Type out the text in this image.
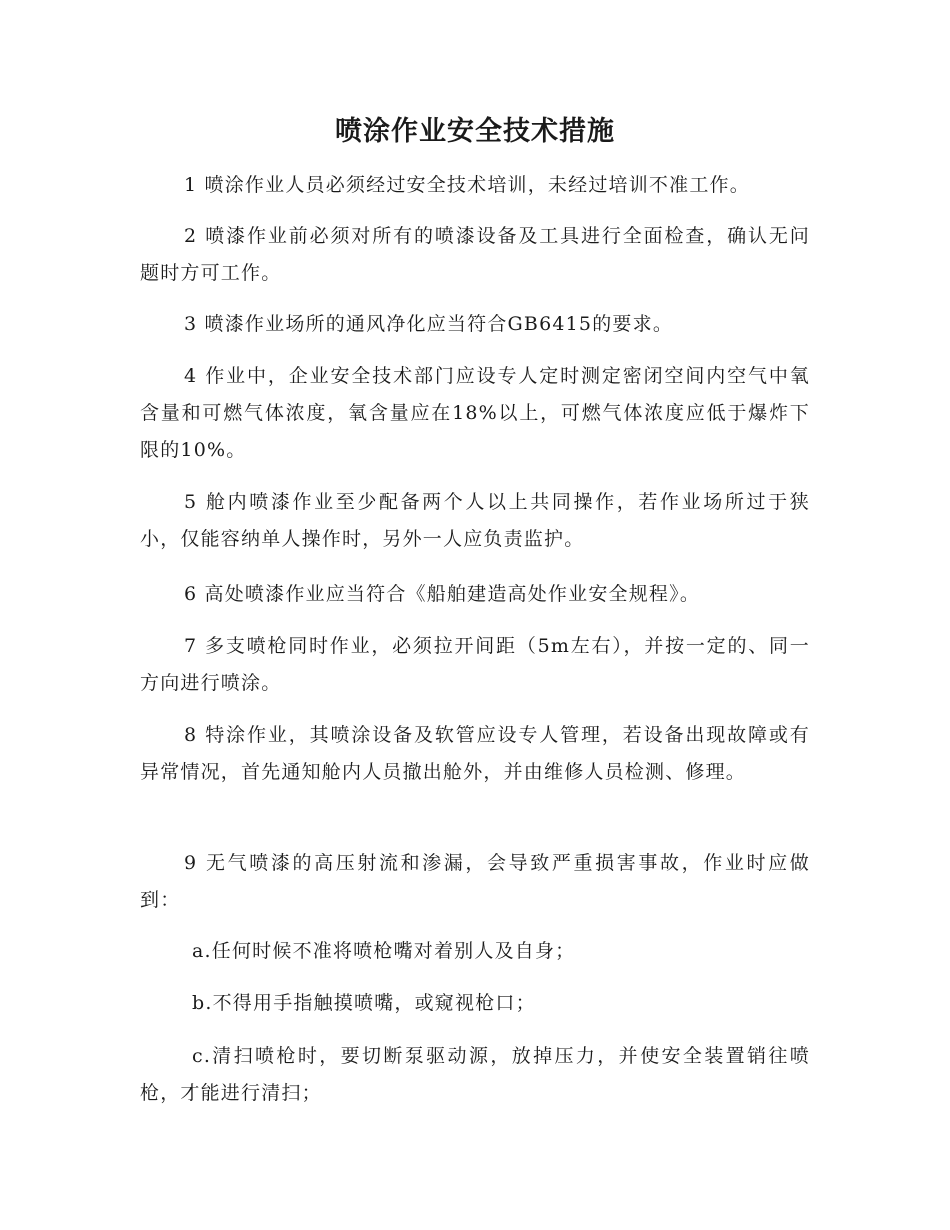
喷涂作业安全技术措施

1 喷涂作业人员必须经过安全技术培训，未经过培训不准工作。

2 喷漆作业前必须对所有的喷漆设备及工具进行全面检查，确认无问题时方可工作。

3 喷漆作业场所的通风净化应当符合GB6415的要求。

4 作业中，企业安全技术部门应设专人定时测定密闭空间内空气中氧含量和可燃气体浓度，氧含量应在18%以上，可燃气体浓度应低于爆炸下限的10%。

5 舱内喷漆作业至少配备两个人以上共同操作，若作业场所过于狭小，仅能容纳单人操作时，另外一人应负责监护。

6 高处喷漆作业应当符合《船舶建造高处作业安全规程》。

7 多支喷枪同时作业，必须拉开间距（5m左右），并按一定的、同一方向进行喷涂。

8 特涂作业，其喷涂设备及软管应设专人管理，若设备出现故障或有异常情况，首先通知舱内人员撤出舱外，并由维修人员检测、修理。

9 无气喷漆的高压射流和渗漏，会导致严重损害事故，作业时应做到：

a.任何时候不准将喷枪嘴对着别人及自身；

b.不得用手指触摸喷嘴，或窥视枪口；

c.清扫喷枪时，要切断泵驱动源，放掉压力，并使安全装置销往喷枪，才能进行清扫；
